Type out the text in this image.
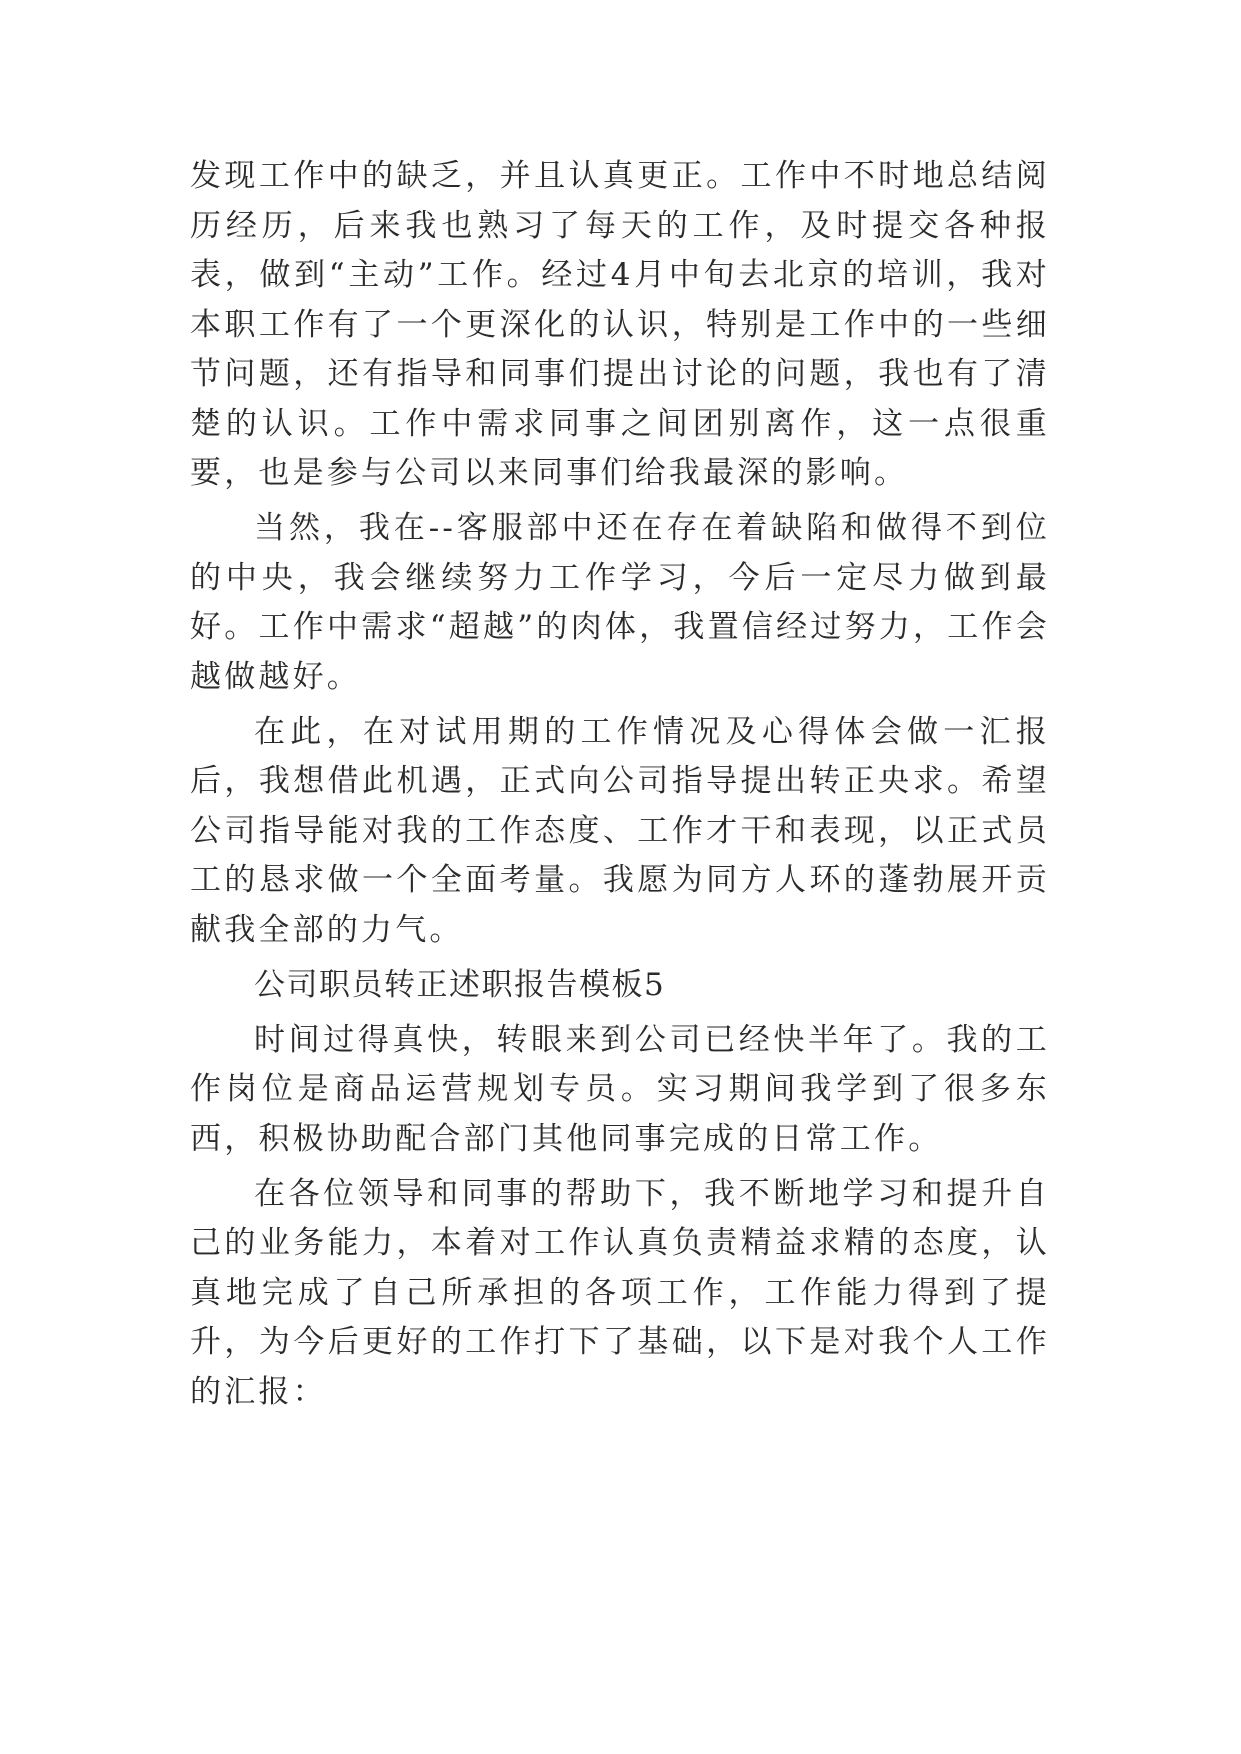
发现工作中的缺乏，并且认真更正。工作中不时地总结阅历经历，后来我也熟习了每天的工作，及时提交各种报表，做到“主动”工作。经过4月中旬去北京的培训，我对本职工作有了一个更深化的认识，特别是工作中的一些细节问题，还有指导和同事们提出讨论的问题，我也有了清楚的认识。工作中需求同事之间团别离作，这一点很重要，也是参与公司以来同事们给我最深的影响。

当然，我在--客服部中还在存在着缺陷和做得不到位的中央，我会继续努力工作学习，今后一定尽力做到最好。工作中需求“超越”的肉体，我置信经过努力，工作会越做越好。

在此，在对试用期的工作情况及心得体会做一汇报后，我想借此机遇，正式向公司指导提出转正央求。希望公司指导能对我的工作态度、工作才干和表现，以正式员工的恳求做一个全面考量。我愿为同方人环的蓬勃展开贡献我全部的力气。

公司职员转正述职报告模板5

时间过得真快，转眼来到公司已经快半年了。我的工作岗位是商品运营规划专员。实习期间我学到了很多东西，积极协助配合部门其他同事完成的日常工作。

在各位领导和同事的帮助下，我不断地学习和提升自己的业务能力，本着对工作认真负责精益求精的态度，认真地完成了自己所承担的各项工作，工作能力得到了提升，为今后更好的工作打下了基础，以下是对我个人工作的汇报：
